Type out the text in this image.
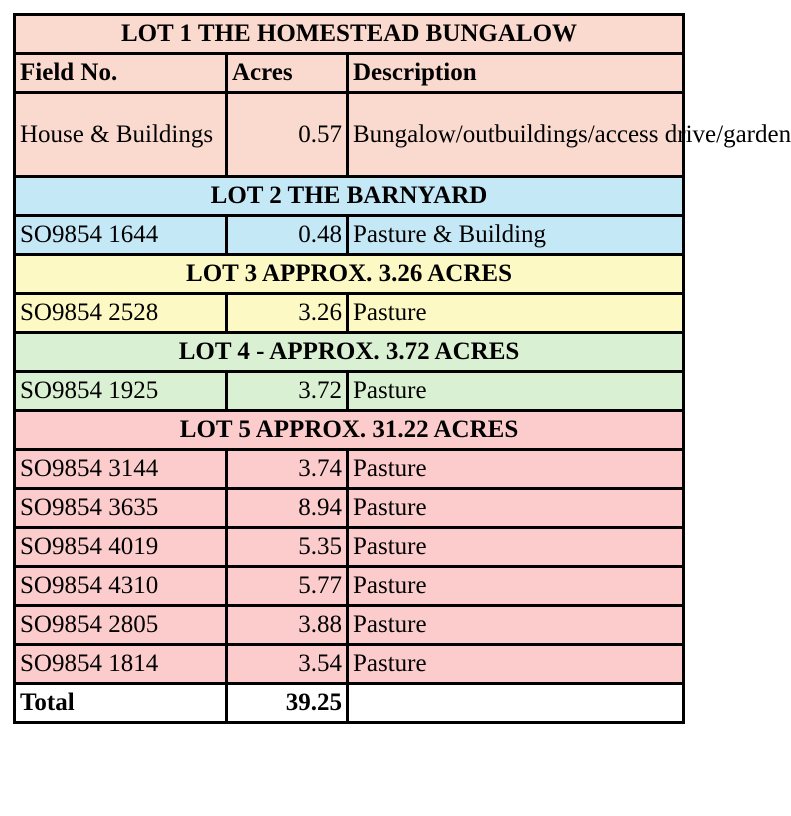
LOT 1 THE HOMESTEAD BUNGALOW		
Field No.	Acres	Description
House & Buildings	0.57	Bungalow/outbuildings/access drive/garden
LOT 2 THE BARNYARD		
SO9854 1644	0.48	Pasture & Building
LOT 3 APPROX. 3.26 ACRES		
SO9854 2528	3.26	Pasture
LOT 4 - APPROX. 3.72 ACRES		
SO9854 1925	3.72	Pasture
LOT 5 APPROX. 31.22 ACRES		
SO9854 3144	3.74	Pasture
SO9854 3635	8.94	Pasture
SO9854 4019	5.35	Pasture
SO9854 4310	5.77	Pasture
SO9854 2805	3.88	Pasture
SO9854 1814	3.54	Pasture
Total	39.25	
